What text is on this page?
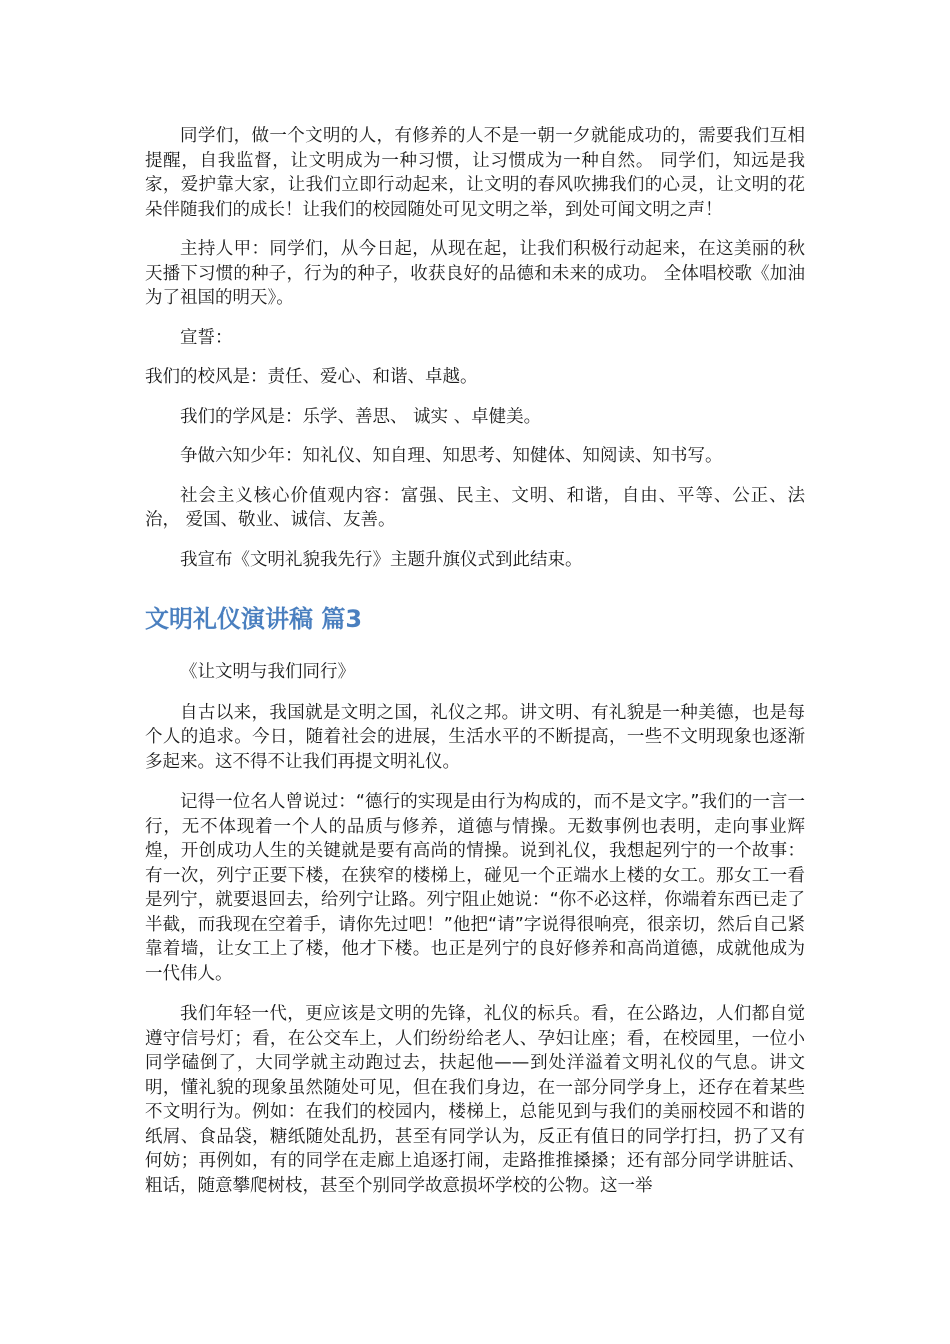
同学们，做一个文明的人，有修养的人不是一朝一夕就能成功的，需要我们互相提醒，自我监督，让文明成为一种习惯，让习惯成为一种自然。 同学们，知远是我家，爱护靠大家，让我们立即行动起来，让文明的春风吹拂我们的心灵，让文明的花朵伴随我们的成长！让我们的校园随处可见文明之举，到处可闻文明之声！

主持人甲：同学们，从今日起，从现在起，让我们积极行动起来，在这美丽的秋天播下习惯的种子，行为的种子，收获良好的品德和未来的成功。 全体唱校歌《加油为了祖国的明天》。

宣誓：

我们的校风是：责任、爱心、和谐、卓越。

我们的学风是：乐学、善思、 诚实 、卓健美。

争做六知少年：知礼仪、知自理、知思考、知健体、知阅读、知书写。

社会主义核心价值观内容：富强、民主、文明、和谐，自由、平等、公正、法治， 爱国、敬业、诚信、友善。

我宣布《文明礼貌我先行》主题升旗仪式到此结束。

文明礼仪演讲稿 篇3

《让文明与我们同行》

自古以来，我国就是文明之国，礼仪之邦。讲文明、有礼貌是一种美德，也是每个人的追求。今日，随着社会的进展，生活水平的不断提高，一些不文明现象也逐渐多起来。这不得不让我们再提文明礼仪。

记得一位名人曾说过：“德行的实现是由行为构成的，而不是文字。”我们的一言一行，无不体现着一个人的品质与修养，道德与情操。无数事例也表明，走向事业辉煌，开创成功人生的关键就是要有高尚的情操。说到礼仪，我想起列宁的一个故事：有一次，列宁正要下楼，在狭窄的楼梯上，碰见一个正端水上楼的女工。那女工一看是列宁，就要退回去，给列宁让路。列宁阻止她说：“你不必这样，你端着东西已走了半截，而我现在空着手，请你先过吧！”他把“请”字说得很响亮，很亲切，然后自己紧靠着墙，让女工上了楼，他才下楼。也正是列宁的良好修养和高尚道德，成就他成为一代伟人。

我们年轻一代，更应该是文明的先锋，礼仪的标兵。看，在公路边，人们都自觉遵守信号灯；看，在公交车上，人们纷纷给老人、孕妇让座；看，在校园里，一位小同学磕倒了，大同学就主动跑过去，扶起他——到处洋溢着文明礼仪的气息。讲文明，懂礼貌的现象虽然随处可见，但在我们身边，在一部分同学身上，还存在着某些不文明行为。例如：在我们的校园内，楼梯上，总能见到与我们的美丽校园不和谐的纸屑、食品袋，糖纸随处乱扔，甚至有同学认为，反正有值日的同学打扫，扔了又有何妨；再例如，有的同学在走廊上追逐打闹，走路推推搡搡；还有部分同学讲脏话、粗话，随意攀爬树枝，甚至个别同学故意损坏学校的公物。这一举
